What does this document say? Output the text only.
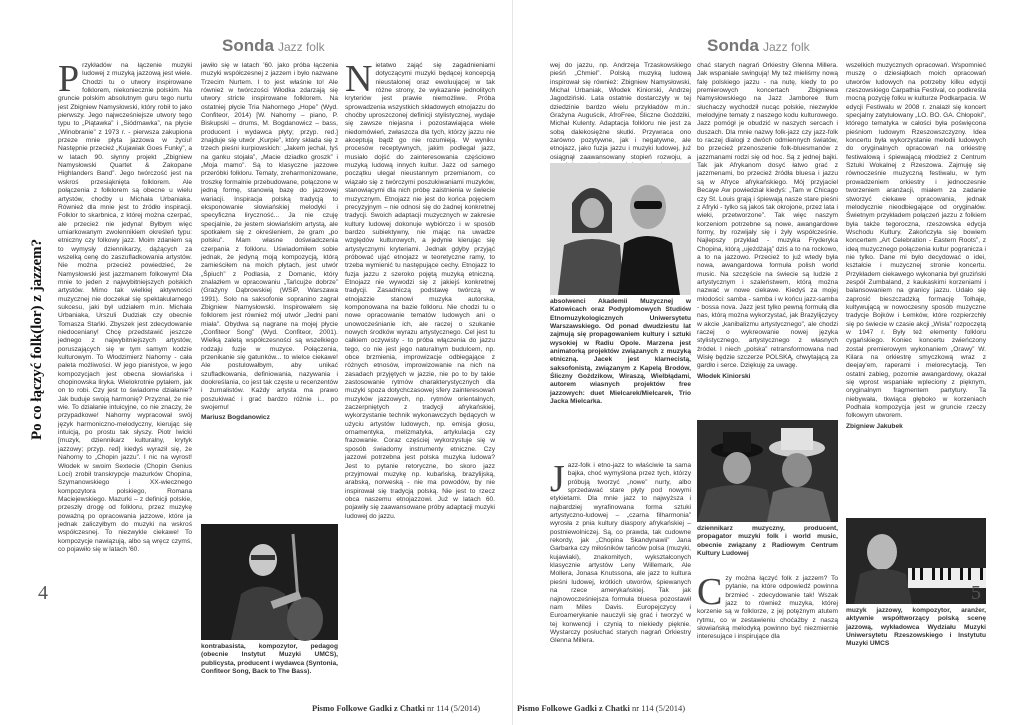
Sonda Jazz folk
Po co łączyć folk(lor) z jazzem?
P rzykładów na łączenie muzyki ludowej z muzyką jazzową jest wiele. Chodzi tu o utwory inspirowane folklorem, niekoniecznie polskim. Na gruncie polskim absolutnym guru tego nurtu jest Zbigniew Namysłowski, który robił to jako pierwszy. Jego najwcześniejsze utwory tego typu to „Piątawka” i „Siódmawka”, na płycie „Winobranie” z 1973 r. - pierwsza zakupiona przeze mnie płyta jazzowa w życiu! Następnie przecież „Kujawiak Goes Funky”, a w latach 90. słynny projekt „Zbigniew Namysłowski Quartet & Zakopane Highlanders Band”. Jego twórczość jest na wskroś przesiąknięta folklorem. Ale połączenia z folklorem są obecne u wielu artystów, choćby u Michała Urbaniaka. Również dla mnie jest to źródło inspiracji. Folklor to skarbnica, z której można czerpać, ale przecież nie jedyna! Byłbym więc umiarkowanym zwolennikiem określeń typu: etniczny czy folkowy jazz. Moim zdaniem są to wymysły dziennikarzy, dążących za wszelką cenę do zaszufladkowania artystów. Nie można przecież powiedzieć, że Namysłowski jest jazzmanem folkowym! Dla mnie to jeden z najwybitniejszych polskich artystów. Mimo tak wielkiej aktywności muzycznej nie doczekał się spektakularnego sukcesu, jaki był udziałem m.in. Michała Urbaniaka, Urszuli Dudziak czy obecnie Tomasza Stańki. Zbyszek jest zdecydowanie niedoceniany! Chcę przedstawić jeszcze jednego z najwybitniejszych artystów, poruszających się w tym samym kodzie kulturowym. To Włodzimierz Nahorny - cała paleta możliwości. W jego pianistyce, w jego kompozycjach jest obecna słowiańska i chopinowska liryka. Wielokrotnie pytałem, jak on to robi. Czy jest to świadome działanie? Jak buduje swoją harmonię? Przyznał, że nie wie. To działanie intuicyjne, co nie znaczy, że przypadkowe! Nahorny wypracował swój język harmoniczno-melodyczny, kierując się intuicją, po prostu tak słyszy. Piotr Iwicki [muzyk, dziennikarz kulturalny, krytyk jazzowy; przyp. red] kiedyś wyraził się, że Nahorny to „Chopin jazzu”. I nic na wyrost! Włodek w swoim Sextecie (Chopin Genius Loci) zrobił transkrypcje mazurków Chopina, Szymanowskiego i XX-wiecznego kompozytora polskiego, Romana Maciejewskiego. Mazurki – z definicji polskie, przeszły drogę od folkloru, przez muzykę poważną po opracowania jazzowe, które ja jednak zaliczyłbym do muzyki na wskroś współczesnej. To niezwykle ciekawe! To kompozycje nawiązują, albo są wręcz czymś, co pojawiło się w latach '60.

jawiło się w latach '60. jako próba łączenia muzyki współczesnej z jazzem i było nazwane Trzecim Nurtem. I to jest właśnie to! Ale również w twórczości Włodka zdarzają się utwory stricte inspirowane folklorem. Na ostatniej płycie Tria Nahornego „Hope” (Wyd. Confiteor, 2014) [W. Nahorny – piano, P. Biskupski – drums, M. Bogdanowicz – bass, producent i wydawca płyty; przyp. red.] znajduje się utwór „Kurpie”, który składa się z trzech pieśni kurpiowskich: „Jakem jechał, tyś na ganku stojała”, „Macie dziadko groszk” i „Moja mamo”. Są to klasyczne jazzowe przeróbki folkloru. Tematy, zreharmonizowane, troszkę formalnie przebudowane, połączone w jedną formę, stanowią bazę do jazzowej wariacji. Inspiracja polską tradycją to eksponowanie słowiańskiej melodyki i specyficzna liryczność... Ja nie czuję specjalnie, że jestem słowiańskim artystą, ale spotkałem się z określeniem, że gram „po polsku”. Mam własne doświadczenia czerpania z folkloru. Uświadomiłem sobie jednak, że jedyną moją kompozycją, którą zamieściłem na moich płytach, jest utwór „Śpiuch” z Podlasia, z Domanic, który znalazłem w opracowaniu „Tańcujże dobrze” (Grażyny Dąbrowskiej (WSiP, Warszawa 1991). Solo na saksofonie sopranino zagrał Zbigniew Namysłowski. Inspirowałem się folklorem jest również mój utwór „Jedni pani miała”. Obydwa są nagrane na mojej płycie „Confiteor Song” (Wyd. Confiteor, 2001). Wielką zaletą współczesności są wszelkiego rodzaju fuzje w muzyce. Połączenia, przenikanie się gatunków... to wielce ciekawe! Ale postulowałbym, aby unikać szufladkowania, definiowania, nazywania i dookreślania, co jest tak częste u recenzentów i żurnalistów. Każdy artysta ma prawo poszukiwać i grać bardzo różnie i... po swojemu!

Mariusz Bogdanowicz

kontrabasista, kompozytor, pedagog (obecnie Instytut Muzyki UMCS), publicysta, producent i wydawca (Syntonia, Confiteor Song, Back to The Bass).

N ietatwo zająć się zagadnieniami dotyczącymi muzyki będącej koncepcją nieustalonej oraz ewoluującej w tak różne strony, że wykazanie jednolitych kryteriów jest prawie niemożliwe. Próba sprowadzenia wszystkich składowych etnojazzu do choćby uproszczonej definicji stylistycznej, wydaje się zawsze niejasna i pozostawiająca wiele niedomówień, zwłaszcza dla tych, którzy jazzu nie akceptują bądź go nie rozumieją. W wyniku procesów receptywnych, jakim podlegał jazz, musiało dojść do zainteresowania częściowo muzyką ludową innych kultur. Jazz od samego początku ulegał nieustannym przemianom, co wiązało się z twórczymi poszukiwaniami muzyków, stanowiącymi dla nich próbę zaistnienia w świecie muzycznym. Etnojazz nie jest do końca pojęciem precyzyjnym – nie odnosi się do żadnej konkretnej tradycji. Swoich adaptacji muzycznych w zakresie kultury ludowej dokonuje wybiórczo i w sposób bardzo subiektywny, nie mając na uwadze względów kulturowych, a jedynie kierując się artystycznymi kryteriami. Jednak gdyby przyjąć próbować ująć etnojazz w teoretyczne ramy, to trzeba wymienić tu następujące cechy. Etnojazz to fuzja jazzu z szeroko pojętą muzyką etniczną. Etnojazz nie wywodzi się z jakiejś konkretnej tradycji. Zasadniczą podstawę twórczą w etnojazzie stanowi muzyka autorska, komponowana na bazie folkloru. Nie chodzi tu o nowe opracowanie tematów ludowych ani o unowocześnianie ich, ale raczej o szukanie nowych środków wyrazu artystycznego. Cel jest tu całkiem oczywisty - to próba włączenia do jazzu tego, co nie jest jego naturalnym budulcem, np. obce brzmienia, improwizacje odbiegające z różnych etnosów, improwizowanie na nich na zasadach przyjętych w jazzie, nie po to by takie zastosowanie rytmów charakterystycznych dla muzyki spoza dotychczasowej sfery zainteresowań muzyków jazzowych, np. rytmów orientalnych, zaczerpniętych z tradycji afrykańskiej, wykorzystanie technik wykonawczych będących w użyciu artystów ludowych, np. emisja głosu, ornamentyka, melizmatyka, artykulacja czy frazowanie. Coraz częściej wykorzystuje się w sposób świadomy instrumenty etniczne. Czy jazzowi potrzebna jest polska muzyka ludowa? Jest to pytanie retoryczne, bo skoro jazz przyjmował muzykę np. kubańską, brazylijską, arabską, norweską - nie ma powodów, by nie inspirował się tradycją polską. Nie jest to rzecz obca naszemu etnojazzowi. Już w latach 60. pojawiły się zaawansowane próby adaptacji muzyki ludowej do jazzu.
4
Pismo Folkowe Gadki z Chatki nr 114 (5/2014)
Sonda Jazz folk

wej do jazzu, np. Andrzeja Trzaskowskiego pieśń „Chmiel”. Polską muzyką ludową inspirował się również: Zbigniew Namysłowski, Michał Urbaniak, Włodek Kiniorski, Andrzej Jagodziński. Lata ostatnie dostarczyły w tej dziedzinie bardzo wielu przykładów m.in.: Grażyna Auguścik, AfroFree, Śliczne Gożdziki, Michał Kulenty. Adaptacja folkloru nie jest za sobą dalekosiężne skutki. Przywraca ono zarówno pozytywne, jak i negatywne, ale etnojazz, jako fuzja jazzu i muzyki ludowej, już osiągnął zaawansowany stopień rozwoju, a

absolwenci Akademii Muzycznej w Katowicach oraz Podyplomowych Studiów Etnomuzykologicznych Uniwersytetu Warszawskiego. Od ponad dwudziestu lat zajmują się propagowaniem kultury i sztuki wysokiej w Radiu Opole. Marzena jest animatorką projektów związanych z muzyką etniczną. Jacek jest klarnecistą, saksofonistą, związanym z Kapelą Brodów, Śliczny Goździkow, Wiraszą, Wielbłądami, autorem wiasnych projektów free jazzowych: duet Mielcarek/Mielcarek, Trio Jacka Mielcarka.

J azz-folk i etno-jazz to właściwie ta sama bajka, choć wymyślona przez tych, którzy próbują tworzyć „nowe” nurty, albo sprzedawać stare płyty pod nowymi etykietami. Dla mnie jazz to najwyższa i najbardziej wyrafinowana forma sztuki artystyczno-ludowej – „czarna filharmonia” wyrosła z pnia kultury diaspory afrykańskiej – postniewolniczej. Są, co prawda, tak cudowne rekordy, jak „Chopina Skandynawii” Jana Garbarka czy miłośników tańców polsa (muzyki, kujawiaki), znakomitych, wykształconych klasycznie artystów Leny Willemark, Ale Mollera, Jonasa Knutssona, ale jazz to kultura pieśni ludowej, krótkich utworów, śpiewanych na rzece amerykańskiej. Tak jak najnowocześniejsza formuła bluesa pozostawił nam Miles Davis. Europejczycy i Euroamerykanie nauczyli się grać i tworzyć w tej konwencji i czynią to niekiedy pięknie. Wystarczy posłuchać starych nagrań Orkiestry Glenna Millera.

chać starych nagrań Orkiestry Glenna Millera. Jak wspaniale swingują! My też mieliśmy nową falę polskiego jazzu - na nutę, kiedy to po premierowych koncertach Zbigniewa Namysłowskiego na Jazz Jamboree tłum słuchaczy wychodził nucąc polskie, niezwykle melodyjne tematy z naszego kodu kulturowego. Jazz pomógł je obudzić w naszych sercach i duszach. Dla mnie nazwy folk-jazz czy jazz-folk to raczej dialogi z dwóch odmiennych światów, bo przecież przenoszenie folk-bluesmanów z jazzmanami rodzi się od hoc. Są z jednej bajki. Tak jak Afrykanom dosyć łatwo grać z jazzmenami, bo przecież źródła bluesa i jazzu są w Afryce afrykańskiego. Mój przyjaciel Becaye Aw powiedział kiedyś: „Tam w Chicago czy St. Louis grają i śpiewają nasze stare pieśni z Afryki - tylko są jakoś tak okrojone, przez lata i wieki, przetworzone”. Tak więc naszym korzeniom potrzebne są nowe, awangardowe formy, by rozwijały się i żyły współcześnie. Najlepszy przykład - muzyka Fryderyka Chopina, którą „ujeżdżają” dziś a to na rockowo, a to na jazzowo. Przecież to już wtedy była nowa, awangardowa formuła polish world music. Na szczęście na świecie są ludzie z artystycznym i szaleństwem, którą można nazwać w nowe ciekawe. Kiedyś za mojej młodości: samba - samba i w końcu jazz-samba - bossa nova. Jazz jest tylko pewną formułą dla nas, którą można wykorzystać, jak Brazylijczycy w akcie „kanibalizmu artystycznego”, ale chodzi raczej o wykreowanie nowej języka stylistycznego, artystycznego z własnych źródeł. I niech „polska” retransformowana nad Wisłę będzie szczerze POLSKĄ, chwytającą za gardło i serce. Dziękuję za uwagę.

Włodek Kiniorski

dziennikarz muzyczny, producent, propagator muzyki folk i world music, obecnie związany z Radiowym Centrum Kultury Ludowej

C zy można łączyć folk z jazzem? To pytanie, na które odpowiedź powinna brzmieć - zdecydowanie tak! Wszak jazz to również muzyka, której korzenie są w folklorze, z jej potężnym atutem rytmu, co w zestawieniu choćażby z naszą słowiańską melodyką powinno być niezmiernie interesujące i inspirujące dla

wszelkich muzycznych opracowań. Wspomnieć muszę o dziesiątkach moich opracowań utworów ludowych na potrzeby kilku edycji rzeszowskiego Carpathia Festival, co podkreśla mocną pozycję folku w kulturze Podkarpacia. W edycji Festiwalu w 2008 r. znalazł się koncert specjalny zatytułowany „LO. BO. GA. Chłopoki”, którego tematyka w całości była poświęcona pieśniom ludowym Rzeszowszczyzny. Idea koncertu była wykorzystanie melodii ludowych do oryginalnych opracowań na orkiestrę festiwalową i śpiewającą młodzież z Centrum Sztuki Wokalnej z Rzeszowa. Zajmuję się równocześnie muzyczną festiwalu, w tym prowadzeniem orkiestry i jednoczesnie tworzeniem aranżacji, miałem za zadanie stworzyć ciekawe opracowania, jednak melodycznie nieodbiegające od oryginałów. Świetnym przykładem połączeń jazzu z folkiem była także tegoroczna, rzeszowska edycja Wschodu Kultury. Zakończyła się bowiem koncertem „Art Celebration - Eastern Roots”, z ideą muzycznego połączenia kultur pogranicza i nie tylko. Dane mi było decydować o idei, kształcie i muzycznej stronie koncertu. Przykładem ciekawego wykonania był gruziński zespół Zumbaland, z kaukaskimi korzeniami i balansowaniem na granicy jazzu. Udało się zaprosić bieszczadzką formację Tołhaje, kultywującą w nowoczesny sposób muzyczne tradycje Bojków i Łemków, które rozpierzchły się po świecie w czasie akcji „Wisła” rozpoczętą w 1947 r. Były też elementy folkloru cygańskiego. Koniec koncertu zwieńczony został premierowym wykonaniem „Orawy” W. Kilara na orkiestrę smyczkową wraz z deejay'em, raperami i melorecytacją. Ten ostatni zabieg, pozornie awangardowy, okazał się wprost wspaniałe wpleciony z pięknym, oryginalnym fragmentem partytury. Ta niebywała, tkwiąca głęboko w korzeniach Podhala kompozycja jest w gruncie rzeczy folkowym utworem.

Zbigniew Jakubek

muzyk jazzowy, kompozytor, aranżer, aktywnie współtworzący polską scenę jazzową, wykładowca Wydziału Muzyki Uniwersytetu Rzeszowskiego i Instytutu Muzyki UMCS

5
Pismo Folkowe Gadki z Chatki nr 114 (5/2014)
